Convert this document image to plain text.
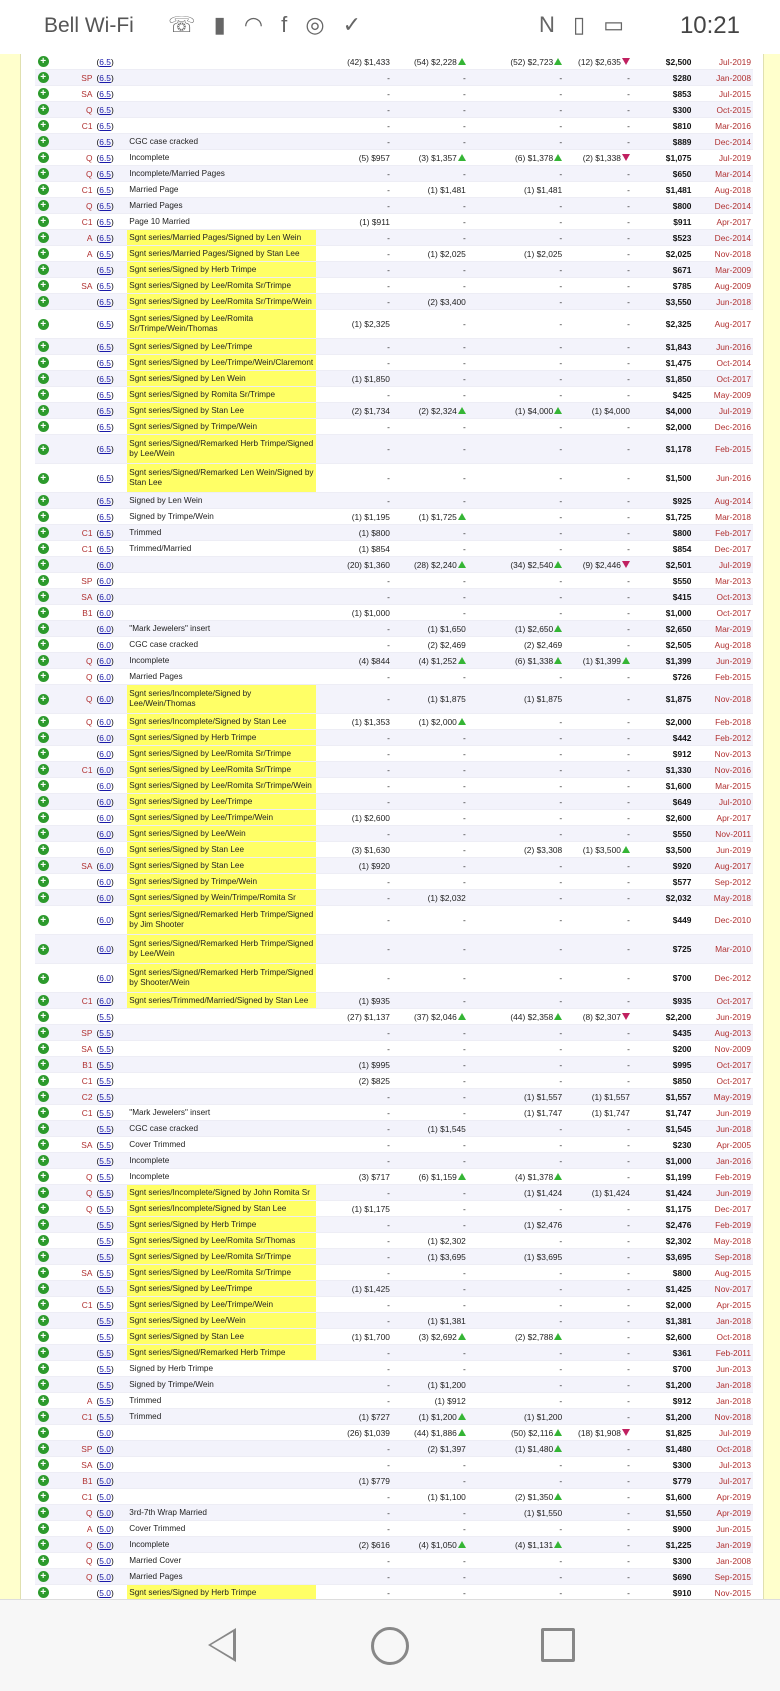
Bell Wi-Fi ☏ ▮ ◠ f ◎ ✓	N ▯ ▭ 10:21
+		(6.5)		(42) $1,433	(54) $2,228	(52) $2,723	(12) $2,635	$2,500	Jul-2019
+	SP	(6.5)		-	-	-	-	$280	Jan-2008
+	SA	(6.5)		-	-	-	-	$853	Jul-2015
+	Q	(6.5)		-	-	-	-	$300	Oct-2015
+	C1	(6.5)		-	-	-	-	$810	Mar-2016
+		(6.5)	CGC case cracked	-	-	-	-	$889	Dec-2014
+	Q	(6.5)	Incomplete	(5) $957	(3) $1,357	(6) $1,378	(2) $1,338	$1,075	Jul-2019
+	Q	(6.5)	Incomplete/Married Pages	-	-	-	-	$650	Mar-2014
+	C1	(6.5)	Married Page	-	(1) $1,481	(1) $1,481	-	$1,481	Aug-2018
+	Q	(6.5)	Married Pages	-	-	-	-	$800	Dec-2014
+	C1	(6.5)	Page 10 Married	(1) $911	-	-	-	$911	Apr-2017
+	A	(6.5)	Sgnt series/Married Pages/Signed by Len Wein	-	-	-	-	$523	Dec-2014
+	A	(6.5)	Sgnt series/Married Pages/Signed by Stan Lee	-	(1) $2,025	(1) $2,025	-	$2,025	Nov-2018
+		(6.5)	Sgnt series/Signed by Herb Trimpe	-	-	-	-	$671	Mar-2009
+	SA	(6.5)	Sgnt series/Signed by Lee/Romita Sr/Trimpe	-	-	-	-	$785	Aug-2009
+		(6.5)	Sgnt series/Signed by Lee/Romita Sr/Trimpe/Wein	-	(2) $3,400	-	-	$3,550	Jun-2018
+		(6.5)	Sgnt series/Signed by Lee/Romita Sr/Trimpe/Wein/Thomas	(1) $2,325	-	-	-	$2,325	Aug-2017
+		(6.5)	Sgnt series/Signed by Lee/Trimpe	-	-	-	-	$1,843	Jun-2016
+		(6.5)	Sgnt series/Signed by Lee/Trimpe/Wein/Claremont	-	-	-	-	$1,475	Oct-2014
+		(6.5)	Sgnt series/Signed by Len Wein	(1) $1,850	-	-	-	$1,850	Oct-2017
+		(6.5)	Sgnt series/Signed by Romita Sr/Trimpe	-	-	-	-	$425	May-2009
+		(6.5)	Sgnt series/Signed by Stan Lee	(2) $1,734	(2) $2,324	(1) $4,000	(1) $4,000	$4,000	Jul-2019
+		(6.5)	Sgnt series/Signed by Trimpe/Wein	-	-	-	-	$2,000	Dec-2016
+		(6.5)	Sgnt series/Signed/Remarked Herb Trimpe/Signed by Lee/Wein	-	-	-	-	$1,178	Feb-2015
+		(6.5)	Sgnt series/Signed/Remarked Len Wein/Signed by Stan Lee	-	-	-	-	$1,500	Jun-2016
+		(6.5)	Signed by Len Wein	-	-	-	-	$925	Aug-2014
+		(6.5)	Signed by Trimpe/Wein	(1) $1,195	(1) $1,725	-	-	$1,725	Mar-2018
+	C1	(6.5)	Trimmed	(1) $800	-	-	-	$800	Feb-2017
+	C1	(6.5)	Trimmed/Married	(1) $854	-	-	-	$854	Dec-2017
+		(6.0)		(20) $1,360	(28) $2,240	(34) $2,540	(9) $2,446	$2,501	Jul-2019
+	SP	(6.0)		-	-	-	-	$550	Mar-2013
+	SA	(6.0)		-	-	-	-	$415	Oct-2013
+	B1	(6.0)		(1) $1,000	-	-	-	$1,000	Oct-2017
+		(6.0)	"Mark Jewelers" insert	-	(1) $1,650	(1) $2,650	-	$2,650	Mar-2019
+		(6.0)	CGC case cracked	-	(2) $2,469	(2) $2,469	-	$2,505	Aug-2018
+	Q	(6.0)	Incomplete	(4) $844	(4) $1,252	(6) $1,338	(1) $1,399	$1,399	Jun-2019
+	Q	(6.0)	Married Pages	-	-	-	-	$726	Feb-2015
+	Q	(6.0)	Sgnt series/Incomplete/Signed by Lee/Wein/Thomas	-	(1) $1,875	(1) $1,875	-	$1,875	Nov-2018
+	Q	(6.0)	Sgnt series/Incomplete/Signed by Stan Lee	(1) $1,353	(1) $2,000	-	-	$2,000	Feb-2018
+		(6.0)	Sgnt series/Signed by Herb Trimpe	-	-	-	-	$442	Feb-2012
+		(6.0)	Sgnt series/Signed by Lee/Romita Sr/Trimpe	-	-	-	-	$912	Nov-2013
+	C1	(6.0)	Sgnt series/Signed by Lee/Romita Sr/Trimpe	-	-	-	-	$1,330	Nov-2016
+		(6.0)	Sgnt series/Signed by Lee/Romita Sr/Trimpe/Wein	-	-	-	-	$1,600	Mar-2015
+		(6.0)	Sgnt series/Signed by Lee/Trimpe	-	-	-	-	$649	Jul-2010
+		(6.0)	Sgnt series/Signed by Lee/Trimpe/Wein	(1) $2,600	-	-	-	$2,600	Apr-2017
+		(6.0)	Sgnt series/Signed by Lee/Wein	-	-	-	-	$550	Nov-2011
+		(6.0)	Sgnt series/Signed by Stan Lee	(3) $1,630	-	(2) $3,308	(1) $3,500	$3,500	Jun-2019
+	SA	(6.0)	Sgnt series/Signed by Stan Lee	(1) $920	-	-	-	$920	Aug-2017
+		(6.0)	Sgnt series/Signed by Trimpe/Wein	-	-	-	-	$577	Sep-2012
+		(6.0)	Sgnt series/Signed by Wein/Trimpe/Romita Sr	-	(1) $2,032	-	-	$2,032	May-2018
+		(6.0)	Sgnt series/Signed/Remarked Herb Trimpe/Signed by Jim Shooter	-	-	-	-	$449	Dec-2010
+		(6.0)	Sgnt series/Signed/Remarked Herb Trimpe/Signed by Lee/Wein	-	-	-	-	$725	Mar-2010
+		(6.0)	Sgnt series/Signed/Remarked Herb Trimpe/Signed by Shooter/Wein	-	-	-	-	$700	Dec-2012
+	C1	(6.0)	Sgnt series/Trimmed/Married/Signed by Stan Lee	(1) $935	-	-	-	$935	Oct-2017
+		(5.5)		(27) $1,137	(37) $2,046	(44) $2,358	(8) $2,307	$2,200	Jun-2019
+	SP	(5.5)		-	-	-	-	$435	Aug-2013
+	SA	(5.5)		-	-	-	-	$200	Nov-2009
+	B1	(5.5)		(1) $995	-	-	-	$995	Oct-2017
+	C1	(5.5)		(2) $825	-	-	-	$850	Oct-2017
+	C2	(5.5)		-	-	(1) $1,557	(1) $1,557	$1,557	May-2019
+	C1	(5.5)	"Mark Jewelers" insert	-	-	(1) $1,747	(1) $1,747	$1,747	Jun-2019
+		(5.5)	CGC case cracked	-	(1) $1,545	-	-	$1,545	Jun-2018
+	SA	(5.5)	Cover Trimmed	-	-	-	-	$230	Apr-2005
+		(5.5)	Incomplete	-	-	-	-	$1,000	Jan-2016
+	Q	(5.5)	Incomplete	(3) $717	(6) $1,159	(4) $1,378	-	$1,199	Feb-2019
+	Q	(5.5)	Sgnt series/Incomplete/Signed by John Romita Sr	-	-	(1) $1,424	(1) $1,424	$1,424	Jun-2019
+	Q	(5.5)	Sgnt series/Incomplete/Signed by Stan Lee	(1) $1,175	-	-	-	$1,175	Dec-2017
+		(5.5)	Sgnt series/Signed by Herb Trimpe	-	-	(1) $2,476	-	$2,476	Feb-2019
+		(5.5)	Sgnt series/Signed by Lee/Romita Sr/Thomas	-	(1) $2,302	-	-	$2,302	May-2018
+		(5.5)	Sgnt series/Signed by Lee/Romita Sr/Trimpe	-	(1) $3,695	(1) $3,695	-	$3,695	Sep-2018
+	SA	(5.5)	Sgnt series/Signed by Lee/Romita Sr/Trimpe	-	-	-	-	$800	Aug-2015
+		(5.5)	Sgnt series/Signed by Lee/Trimpe	(1) $1,425	-	-	-	$1,425	Nov-2017
+	C1	(5.5)	Sgnt series/Signed by Lee/Trimpe/Wein	-	-	-	-	$2,000	Apr-2015
+		(5.5)	Sgnt series/Signed by Lee/Wein	-	(1) $1,381	-	-	$1,381	Jan-2018
+		(5.5)	Sgnt series/Signed by Stan Lee	(1) $1,700	(3) $2,692	(2) $2,788	-	$2,600	Oct-2018
+		(5.5)	Sgnt series/Signed/Remarked Herb Trimpe	-	-	-	-	$361	Feb-2011
+		(5.5)	Signed by Herb Trimpe	-	-	-	-	$700	Jun-2013
+		(5.5)	Signed by Trimpe/Wein	-	(1) $1,200	-	-	$1,200	Jan-2018
+	A	(5.5)	Trimmed	-	(1) $912	-	-	$912	Jan-2018
+	C1	(5.5)	Trimmed	(1) $727	(1) $1,200	(1) $1,200	-	$1,200	Nov-2018
+		(5.0)		(26) $1,039	(44) $1,886	(50) $2,116	(18) $1,908	$1,825	Jul-2019
+	SP	(5.0)		-	(2) $1,397	(1) $1,480	-	$1,480	Oct-2018
+	SA	(5.0)		-	-	-	-	$300	Jul-2013
+	B1	(5.0)		(1) $779	-	-	-	$779	Jul-2017
+	C1	(5.0)		-	(1) $1,100	(2) $1,350	-	$1,600	Apr-2019
+	Q	(5.0)	3rd-7th Wrap Married	-	-	(1) $1,550	-	$1,550	Apr-2019
+	A	(5.0)	Cover Trimmed	-	-	-	-	$900	Jun-2015
+	Q	(5.0)	Incomplete	(2) $616	(4) $1,050	(4) $1,131	-	$1,225	Jan-2019
+	Q	(5.0)	Married Cover	-	-	-	-	$300	Jan-2008
+	Q	(5.0)	Married Pages	-	-	-	-	$690	Sep-2015
+		(5.0)	Sgnt series/Signed by Herb Trimpe	-	-	-	-	$910	Nov-2015
